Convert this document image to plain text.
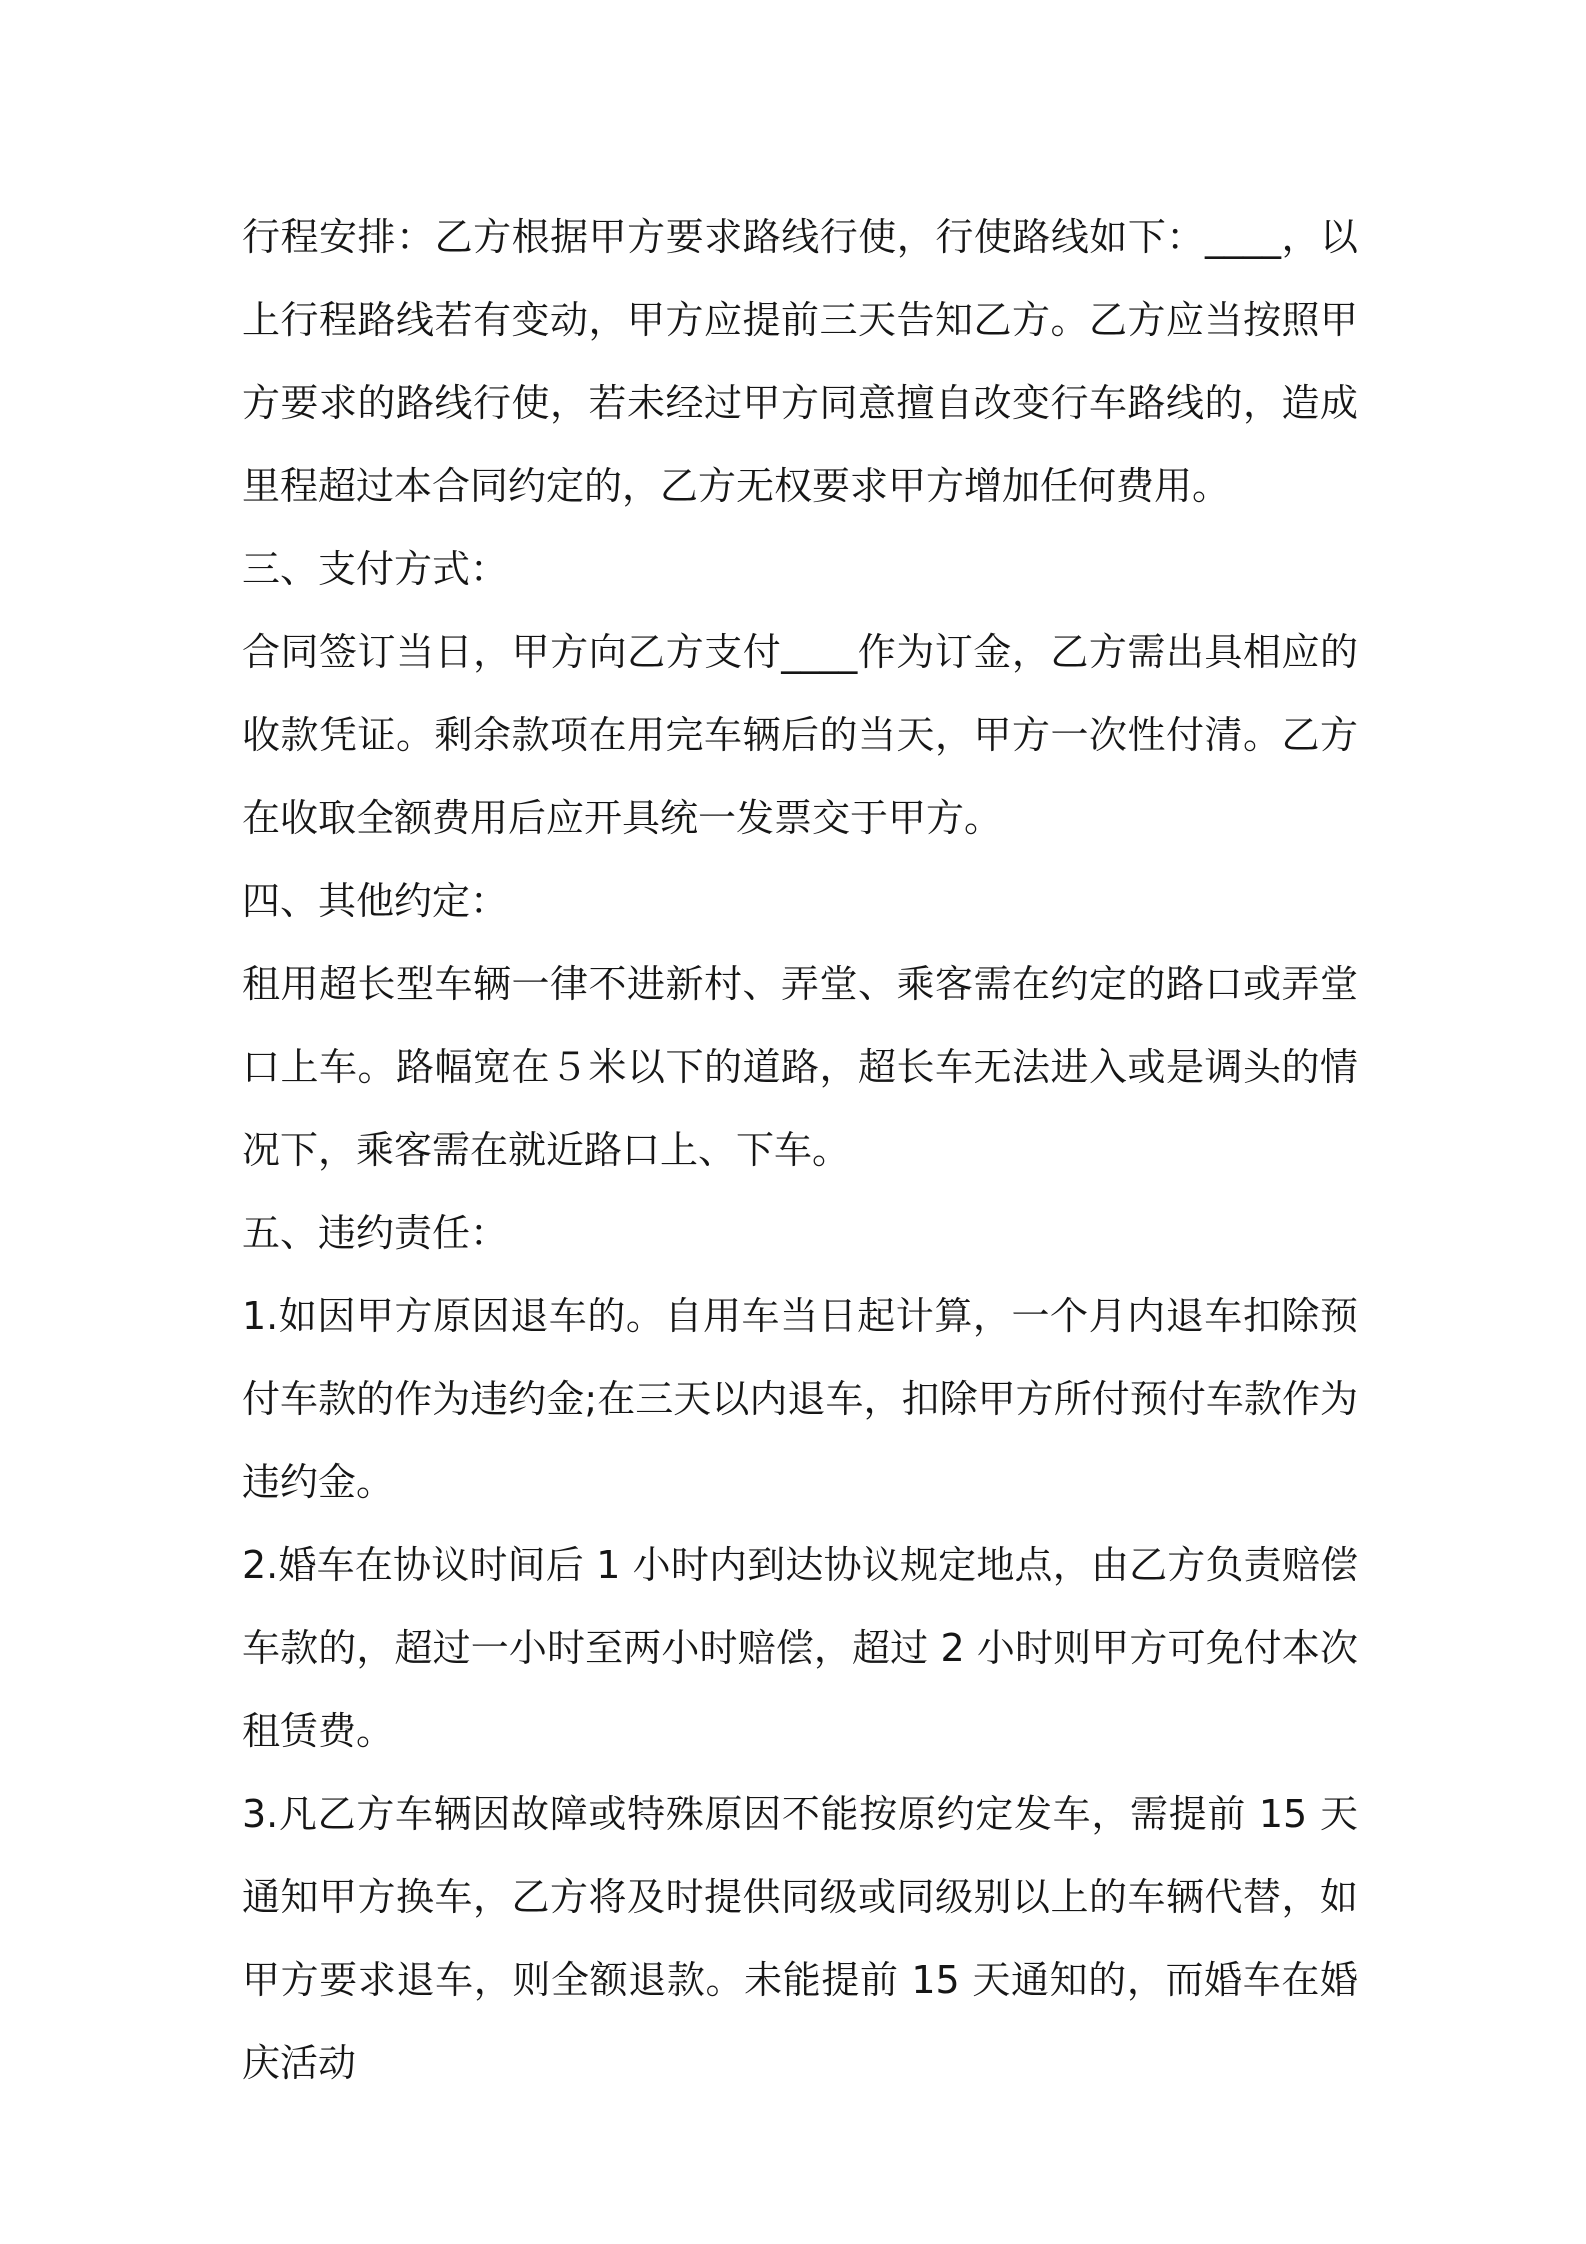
行程安排：乙方根据甲方要求路线行使，行使路线如下：____，以上行程路线若有变动，甲方应提前三天告知乙方。乙方应当按照甲方要求的路线行使，若未经过甲方同意擅自改变行车路线的，造成里程超过本合同约定的，乙方无权要求甲方增加任何费用。

三、支付方式：

合同签订当日，甲方向乙方支付____作为订金，乙方需出具相应的收款凭证。剩余款项在用完车辆后的当天，甲方一次性付清。乙方在收取全额费用后应开具统一发票交于甲方。

四、其他约定：

租用超长型车辆一律不进新村、弄堂、乘客需在约定的路口或弄堂口上车。路幅宽在５米以下的道路，超长车无法进入或是调头的情况下，乘客需在就近路口上、下车。

五、违约责任：

1.如因甲方原因退车的。自用车当日起计算，一个月内退车扣除预付车款的作为违约金;在三天以内退车，扣除甲方所付预付车款作为违约金。

2.婚车在协议时间后 1 小时内到达协议规定地点，由乙方负责赔偿车款的，超过一小时至两小时赔偿，超过 2 小时则甲方可免付本次租赁费。

3.凡乙方车辆因故障或特殊原因不能按原约定发车，需提前 15 天通知甲方换车，乙方将及时提供同级或同级别以上的车辆代替，如甲方要求退车，则全额退款。未能提前 15 天通知的，而婚车在婚庆活动
